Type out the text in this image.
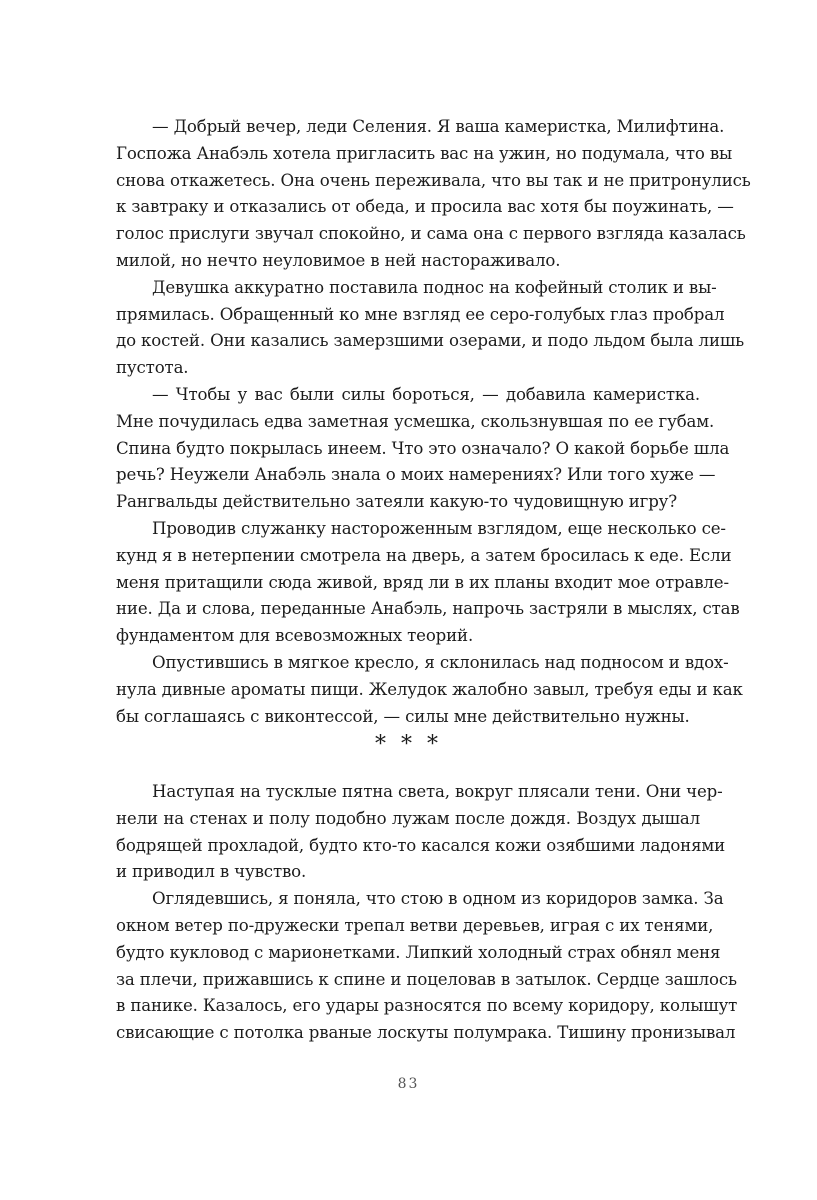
— Добрый вечер, леди Селения. Я ваша камеристка, Милифтина.
Госпожа Анабэль хотела пригласить вас на ужин, но подумала, что вы
снова откажетесь. Она очень переживала, что вы так и не притронулись
к завтраку и отказались от обеда, и просила вас хотя бы поужинать, —
голос прислуги звучал спокойно, и сама она с первого взгляда казалась
милой, но нечто неуловимое в ней настораживало.
Девушка аккуратно поставила поднос на кофейный столик и вы-
прямилась. Обращенный ко мне взгляд ее серо-голубых глаз пробрал
до костей. Они казались замерзшими озерами, и подо льдом была лишь
пустота.
— Чтобы у вас были силы бороться, — добавила камеристка.
Мне почудилась едва заметная усмешка, скользнувшая по ее губам.
Спина будто покрылась инеем. Что это означало? О какой борьбе шла
речь? Неужели Анабэль знала о моих намерениях? Или того хуже —
Рангвальды действительно затеяли какую-то чудовищную игру?
Проводив служанку настороженным взглядом, еще несколько се-
кунд я в нетерпении смотрела на дверь, а затем бросилась к еде. Если
меня притащили сюда живой, вряд ли в их планы входит мое отравле-
ние. Да и слова, переданные Анабэль, напрочь застряли в мыслях, став
фундаментом для всевозможных теорий.
Опустившись в мягкое кресло, я склонилась над подносом и вдох-
нула дивные ароматы пищи. Желудок жалобно завыл, требуя еды и как
бы соглашаясь с виконтессой, — силы мне действительно нужны.
* * *
Наступая на тусклые пятна света, вокруг плясали тени. Они чер-
нели на стенах и полу подобно лужам после дождя. Воздух дышал
бодрящей прохладой, будто кто-то касался кожи озябшими ладонями
и приводил в чувство.
Оглядевшись, я поняла, что стою в одном из коридоров замка. За
окном ветер по-дружески трепал ветви деревьев, играя с их тенями,
будто кукловод с марионетками. Липкий холодный страх обнял меня
за плечи, прижавшись к спине и поцеловав в затылок. Сердце зашлось
в панике. Казалось, его удары разносятся по всему коридору, колышут
свисающие с потолка рваные лоскуты полумрака. Тишину пронизывал
83
